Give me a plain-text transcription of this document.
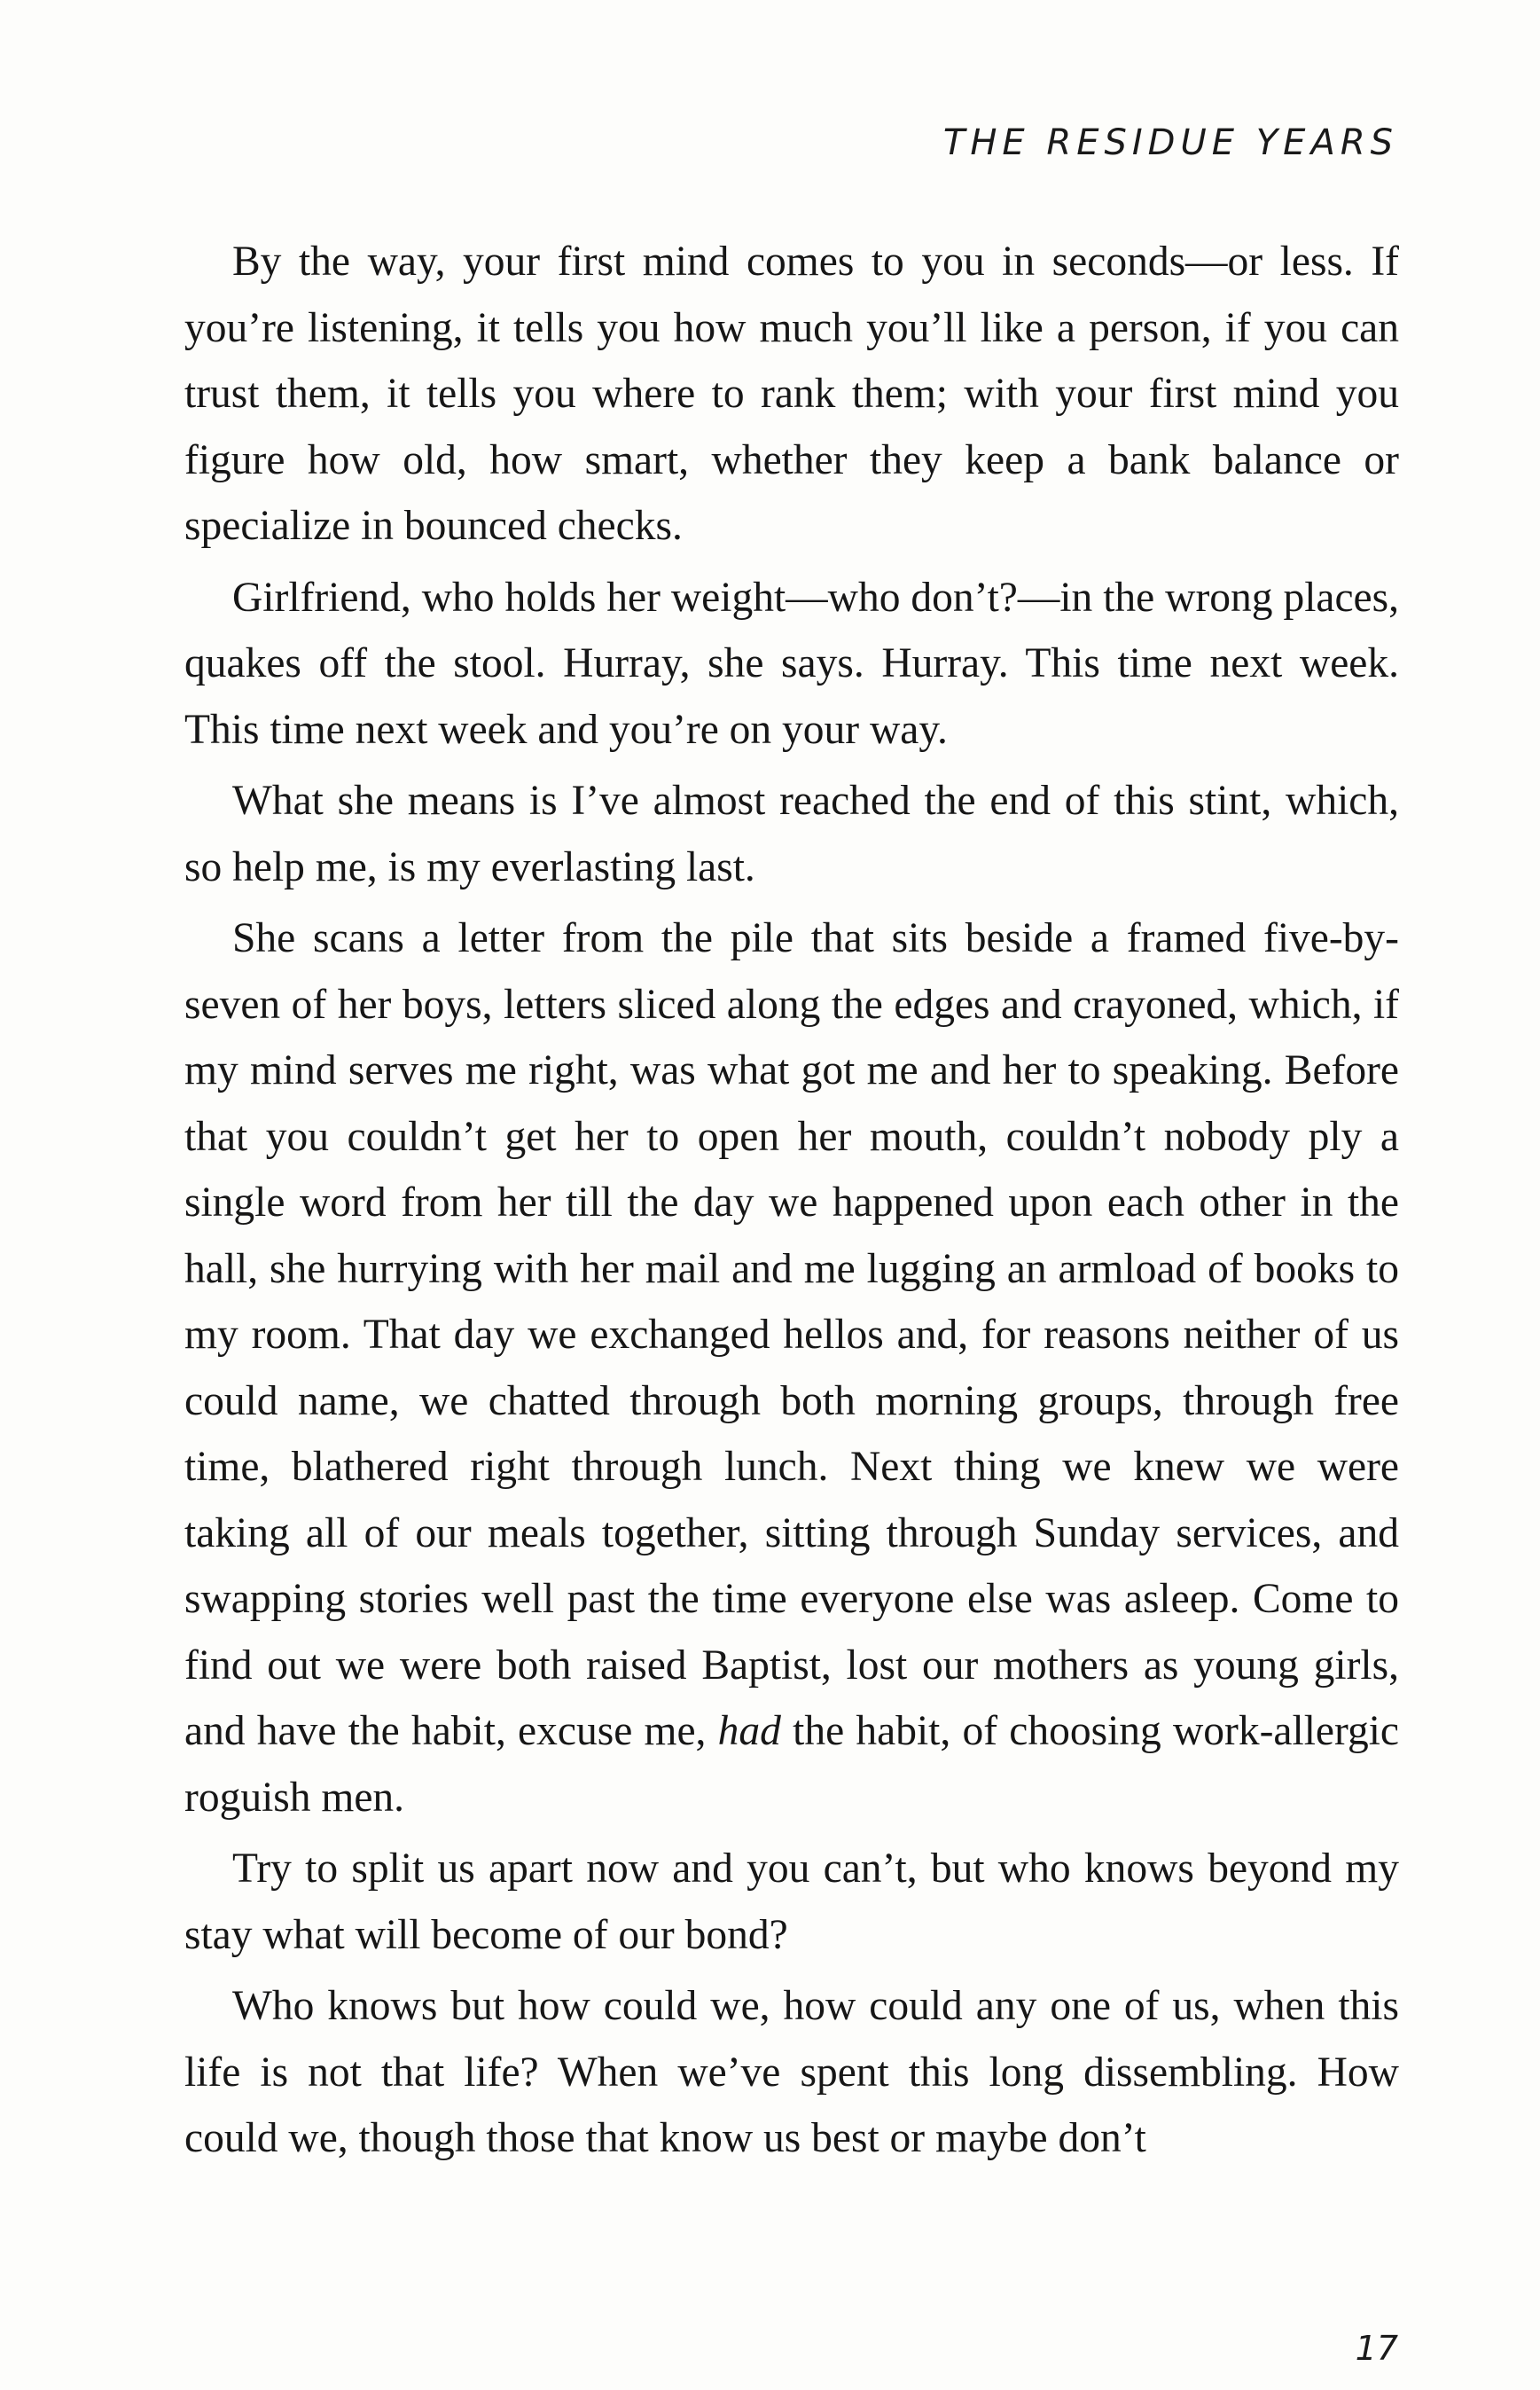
THE RESIDUE YEARS

By the way, your first mind comes to you in seconds—or less. If you’re listening, it tells you how much you’ll like a person, if you can trust them, it tells you where to rank them; with your first mind you figure how old, how smart, whether they keep a bank balance or specialize in bounced checks.

Girlfriend, who holds her weight—who don’t?—in the wrong places, quakes off the stool. Hurray, she says. Hurray. This time next week. This time next week and you’re on your way.

What she means is I’ve almost reached the end of this stint, which, so help me, is my everlasting last.

She scans a letter from the pile that sits beside a framed five-by-seven of her boys, letters sliced along the edges and crayoned, which, if my mind serves me right, was what got me and her to speaking. Before that you couldn’t get her to open her mouth, couldn’t nobody ply a single word from her till the day we happened upon each other in the hall, she hurrying with her mail and me lugging an armload of books to my room. That day we exchanged hellos and, for reasons neither of us could name, we chatted through both morning groups, through free time, blathered right through lunch. Next thing we knew we were taking all of our meals together, sitting through Sunday services, and swapping stories well past the time everyone else was asleep. Come to find out we were both raised Baptist, lost our mothers as young girls, and have the habit, excuse me, had the habit, of choosing work-allergic roguish men.

Try to split us apart now and you can’t, but who knows beyond my stay what will become of our bond?

Who knows but how could we, how could any one of us, when this life is not that life? When we’ve spent this long dissembling. How could we, though those that know us best or maybe don’t

17
